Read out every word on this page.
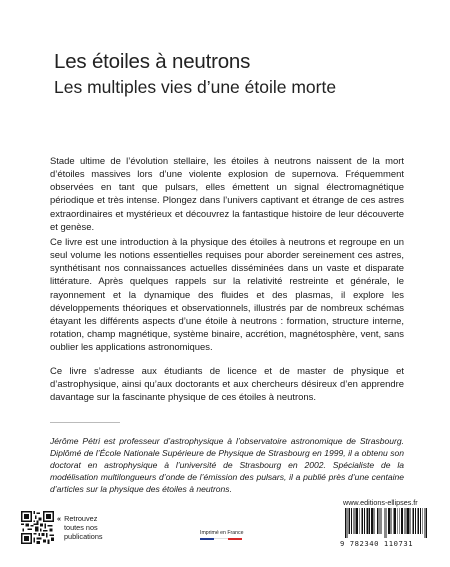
Les étoiles à neutrons
Les multiples vies d’une étoile morte
Stade ultime de l’évolution stellaire, les étoiles à neutrons naissent de la mort d’étoiles massives lors d’une violente explosion de supernova. Fréquemment observées en tant que pulsars, elles émettent un signal électromagnétique périodique et très intense. Plongez dans l’univers captivant et étrange de ces astres extraordinaires et mystérieux et découvrez la fantastique histoire de leur découverte et genèse.
Ce livre est une introduction à la physique des étoiles à neutrons et regroupe en un seul volume les notions essentielles requises pour aborder sereinement ces astres, synthétisant nos connaissances actuelles disséminées dans un vaste et disparate littérature. Après quelques rappels sur la relativité restreinte et générale, le rayonnement et la dynamique des fluides et des plasmas, il explore les développements théoriques et observationnels, illustrés par de nombreux schémas étayant les différents aspects d’une étoile à neutrons : formation, structure interne, rotation, champ magnétique, système binaire, accrétion, magnétosphère, vent, sans oublier les applications astronomiques.
Ce livre s’adresse aux étudiants de licence et de master de physique et d’astrophysique, ainsi qu’aux doctorants et aux chercheurs désireux d’en apprendre davantage sur la fascinante physique de ces étoiles à neutrons.
Jérôme Pétri est professeur d’astrophysique à l’observatoire astronomique de Strasbourg. Diplômé de l’École Nationale Supérieure de Physique de Strasbourg en 1999, il a obtenu son doctorat en astrophysique à l’université de Strasbourg en 2002. Spécialiste de la modélisation multilongueurs d’onde de l’émission des pulsars, il a publié près d’une centaine d’articles sur la physique des étoiles à neutrons.
« Retrouvez
toutes nos
publications	Imprimé en France
www.editions-ellipses.fr
9 782340 110731
